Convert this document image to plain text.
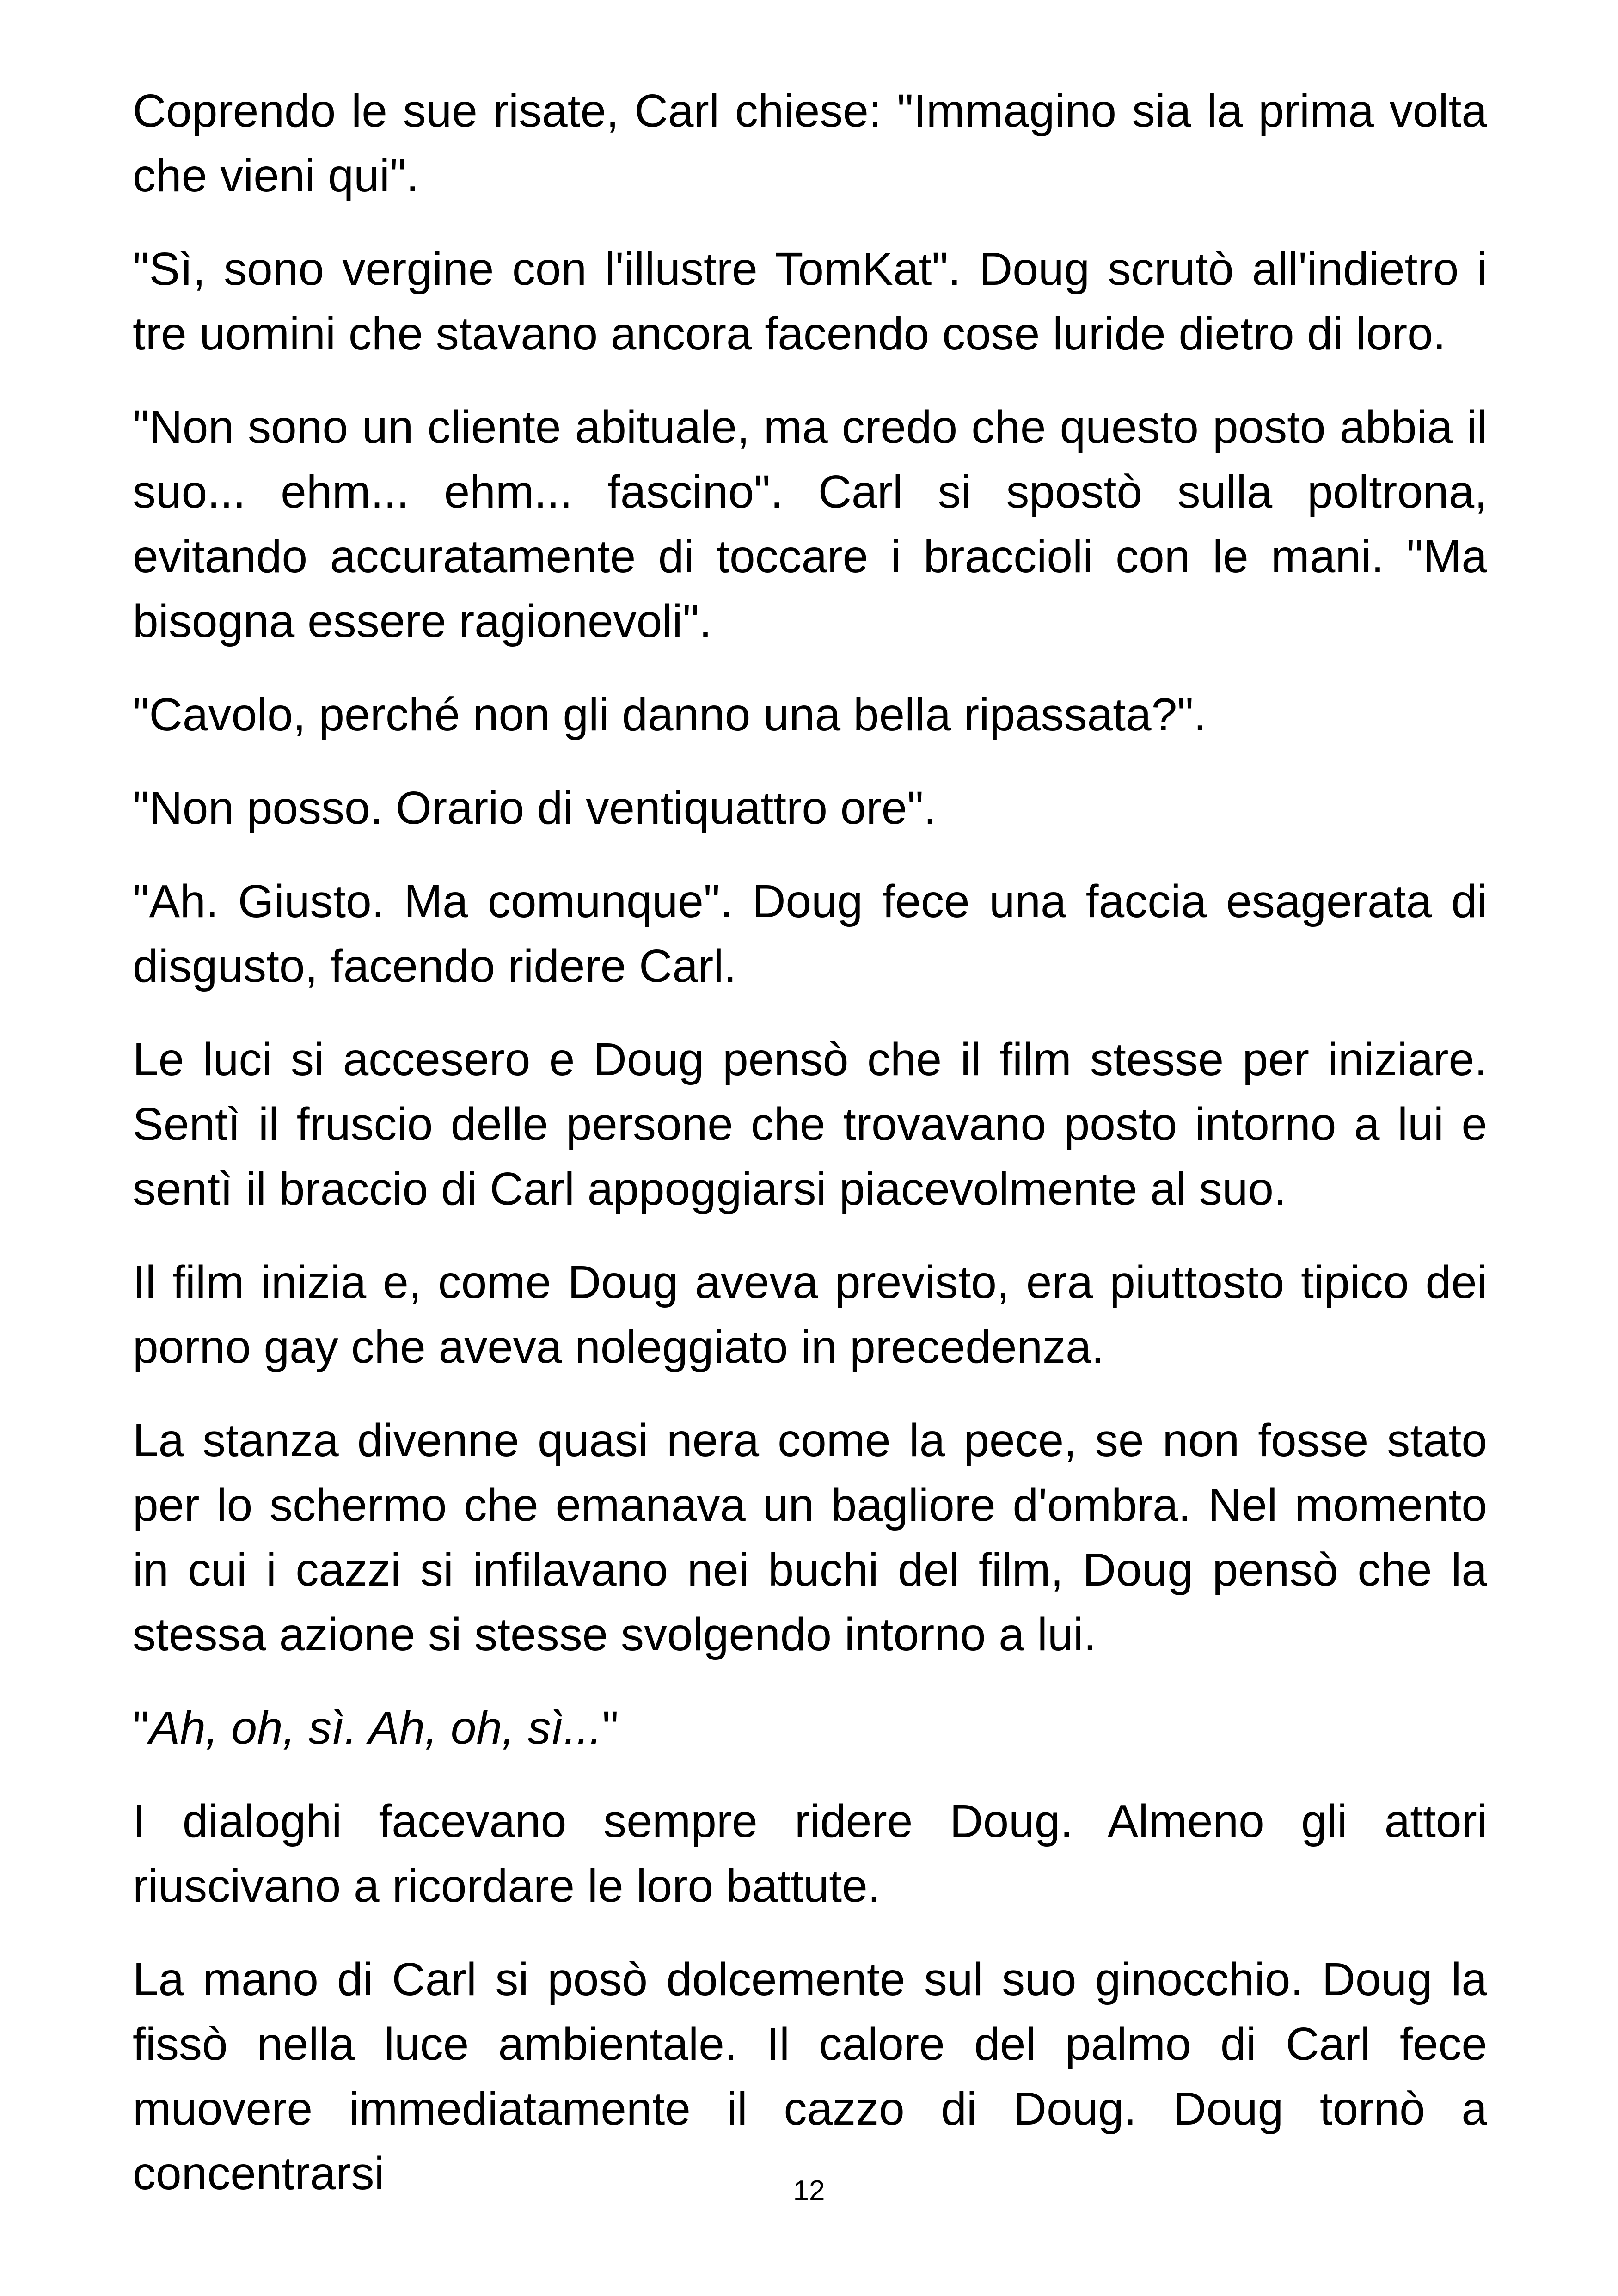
Coprendo le sue risate, Carl chiese: "Immagino sia la prima volta che vieni qui".

"Sì, sono vergine con l'illustre TomKat". Doug scrutò all'indietro i tre uomini che stavano ancora facendo cose luride dietro di loro.

"Non sono un cliente abituale, ma credo che questo posto abbia il suo... ehm... ehm... fascino". Carl si spostò sulla poltrona, evitando accuratamente di toccare i braccioli con le mani. "Ma bisogna essere ragionevoli".

"Cavolo, perché non gli danno una bella ripassata?".

"Non posso. Orario di ventiquattro ore".

"Ah. Giusto. Ma comunque". Doug fece una faccia esagerata di disgusto, facendo ridere Carl.

Le luci si accesero e Doug pensò che il film stesse per iniziare. Sentì il fruscio delle persone che trovavano posto intorno a lui e sentì il braccio di Carl appoggiarsi piacevolmente al suo.

Il film inizia e, come Doug aveva previsto, era piuttosto tipico dei porno gay che aveva noleggiato in precedenza.

La stanza divenne quasi nera come la pece, se non fosse stato per lo schermo che emanava un bagliore d'ombra. Nel momento in cui i cazzi si infilavano nei buchi del film, Doug pensò che la stessa azione si stesse svolgendo intorno a lui.

"Ah, oh, sì. Ah, oh, sì..."

I dialoghi facevano sempre ridere Doug. Almeno gli attori riuscivano a ricordare le loro battute.

La mano di Carl si posò dolcemente sul suo ginocchio. Doug la fissò nella luce ambientale. Il calore del palmo di Carl fece muovere immediatamente il cazzo di Doug. Doug tornò a concentrarsi	12
